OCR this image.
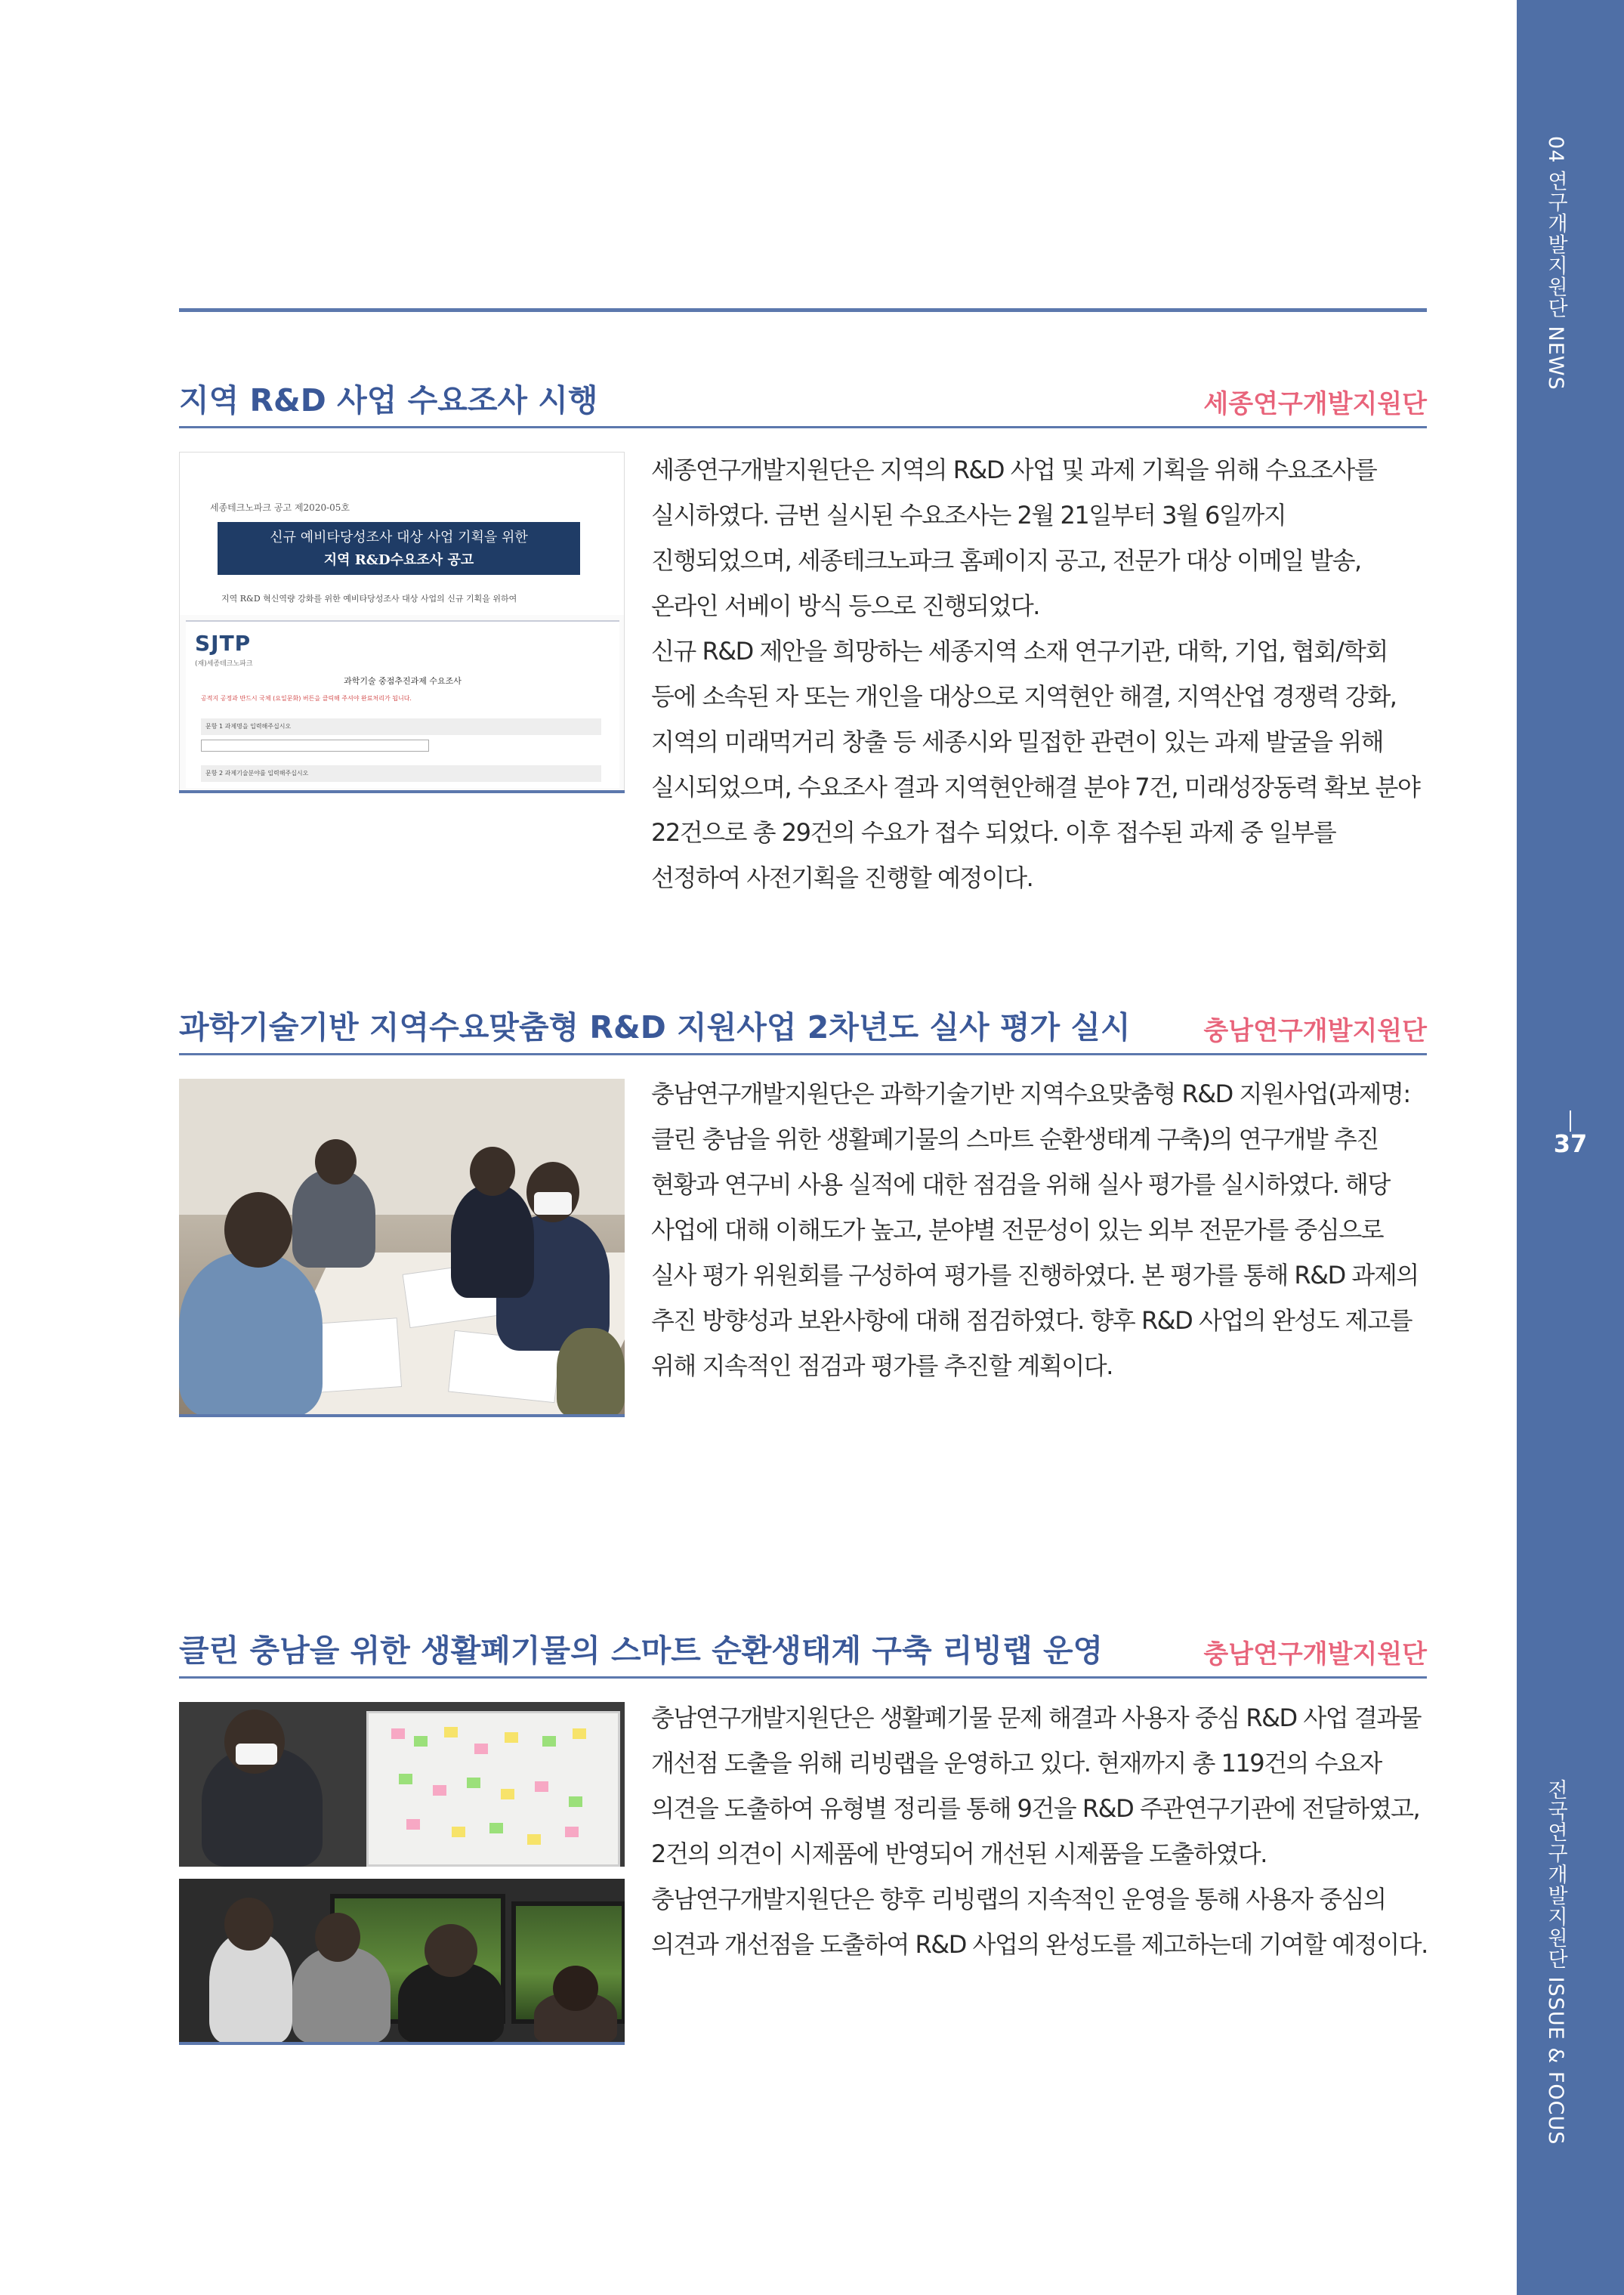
04 연구개발지원단 NEWS
37
전국연구개발지원단 ISSUE & FOCUS
지역 R&D 사업 수요조사 시행	세종연구개발지원단
세종테크노파크 공고 제2020-05호
신규 예비타당성조사 대상 사업 기획을 위한
지역 R&D수요조사 공고
지역 R&D 혁신역량 강화를 위한 예비타당성조사 대상 사업의 신규 기획을 위하여
SJTP
(재)세종테크노파크
과학기술 중점추진과제 수요조사
공적지 공정과 반드시 국체 (요일문화) 버튼을 클릭해 주셔야 완료처리가 됩니다.
문항 1 과제명을 입력해주십시오
문항 2 과제기술분야를 입력해주십시오

세종연구개발지원단은 지역의 R&D 사업 및 과제 기획을 위해 수요조사를 실시하였다. 금번 실시된 수요조사는 2월 21일부터 3월 6일까지 진행되었으며, 세종테크노파크 홈페이지 공고, 전문가 대상 이메일 발송, 온라인 서베이 방식 등으로 진행되었다.

신규 R&D 제안을 희망하는 세종지역 소재 연구기관, 대학, 기업, 협회/학회 등에 소속된 자 또는 개인을 대상으로 지역현안 해결, 지역산업 경쟁력 강화, 지역의 미래먹거리 창출 등 세종시와 밀접한 관련이 있는 과제 발굴을 위해 실시되었으며, 수요조사 결과 지역현안해결 분야 7건, 미래성장동력 확보 분야 22건으로 총 29건의 수요가 접수 되었다. 이후 접수된 과제 중 일부를 선정하여 사전기획을 진행할 예정이다.

과학기술기반 지역수요맞춤형 R&D 지원사업 2차년도 실사 평가 실시	충남연구개발지원단

충남연구개발지원단은 과학기술기반 지역수요맞춤형 R&D 지원사업(과제명: 클린 충남을 위한 생활폐기물의 스마트 순환생태계 구축)의 연구개발 추진 현황과 연구비 사용 실적에 대한 점검을 위해 실사 평가를 실시하였다. 해당 사업에 대해 이해도가 높고, 분야별 전문성이 있는 외부 전문가를 중심으로 실사 평가 위원회를 구성하여 평가를 진행하였다. 본 평가를 통해 R&D 과제의 추진 방향성과 보완사항에 대해 점검하였다. 향후 R&D 사업의 완성도 제고를 위해 지속적인 점검과 평가를 추진할 계획이다.

클린 충남을 위한 생활폐기물의 스마트 순환생태계 구축 리빙랩 운영	충남연구개발지원단

충남연구개발지원단은 생활폐기물 문제 해결과 사용자 중심 R&D 사업 결과물 개선점 도출을 위해 리빙랩을 운영하고 있다. 현재까지 총 119건의 수요자 의견을 도출하여 유형별 정리를 통해 9건을 R&D 주관연구기관에 전달하였고, 2건의 의견이 시제품에 반영되어 개선된 시제품을 도출하였다. 충남연구개발지원단은 향후 리빙랩의 지속적인 운영을 통해 사용자 중심의 의견과 개선점을 도출하여 R&D 사업의 완성도를 제고하는데 기여할 예정이다.
